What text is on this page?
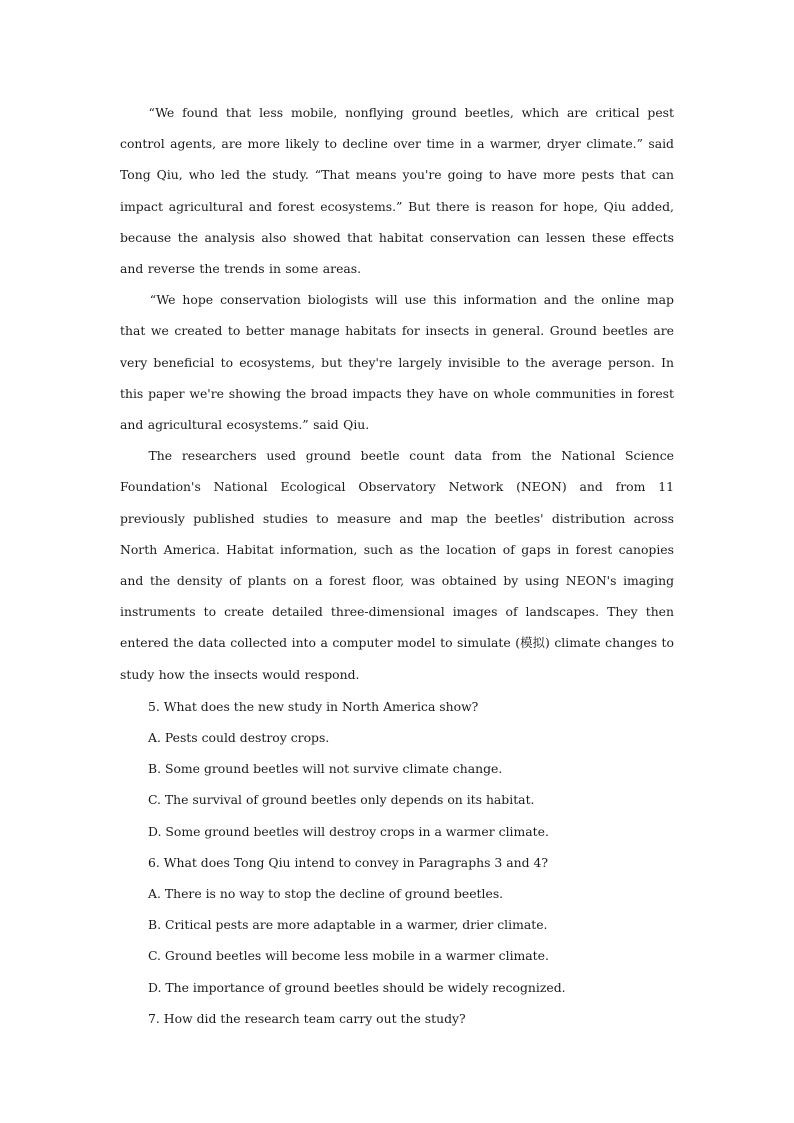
“We found that less mobile, nonflying ground beetles, which are critical pest control agents, are more likely to decline over time in a warmer, dryer climate.” said Tong Qiu, who led the study. “That means you're going to have more pests that can impact agricultural and forest ecosystems.” But there is reason for hope, Qiu added, because the analysis also showed that habitat conservation can lessen these effects and reverse the trends in some areas.

“We hope conservation biologists will use this information and the online map that we created to better manage habitats for insects in general. Ground beetles are very beneficial to ecosystems, but they're largely invisible to the average person. In this paper we're showing the broad impacts they have on whole communities in forest and agricultural ecosystems.” said Qiu.

The researchers used ground beetle count data from the National Science Foundation's National Ecological Observatory Network (NEON) and from 11 previously published studies to measure and map the beetles' distribution across North America. Habitat information, such as the location of gaps in forest canopies and the density of plants on a forest floor, was obtained by using NEON's imaging instruments to create detailed three-dimensional images of landscapes. They then entered the data collected into a computer model to simulate (模拟) climate changes to study how the insects would respond.

5. What does the new study in North America show?

A. Pests could destroy crops.

B. Some ground beetles will not survive climate change.

C. The survival of ground beetles only depends on its habitat.

D. Some ground beetles will destroy crops in a warmer climate.

6. What does Tong Qiu intend to convey in Paragraphs 3 and 4?

A. There is no way to stop the decline of ground beetles.

B. Critical pests are more adaptable in a warmer, drier climate.

C. Ground beetles will become less mobile in a warmer climate.

D. The importance of ground beetles should be widely recognized.

7. How did the research team carry out the study?
